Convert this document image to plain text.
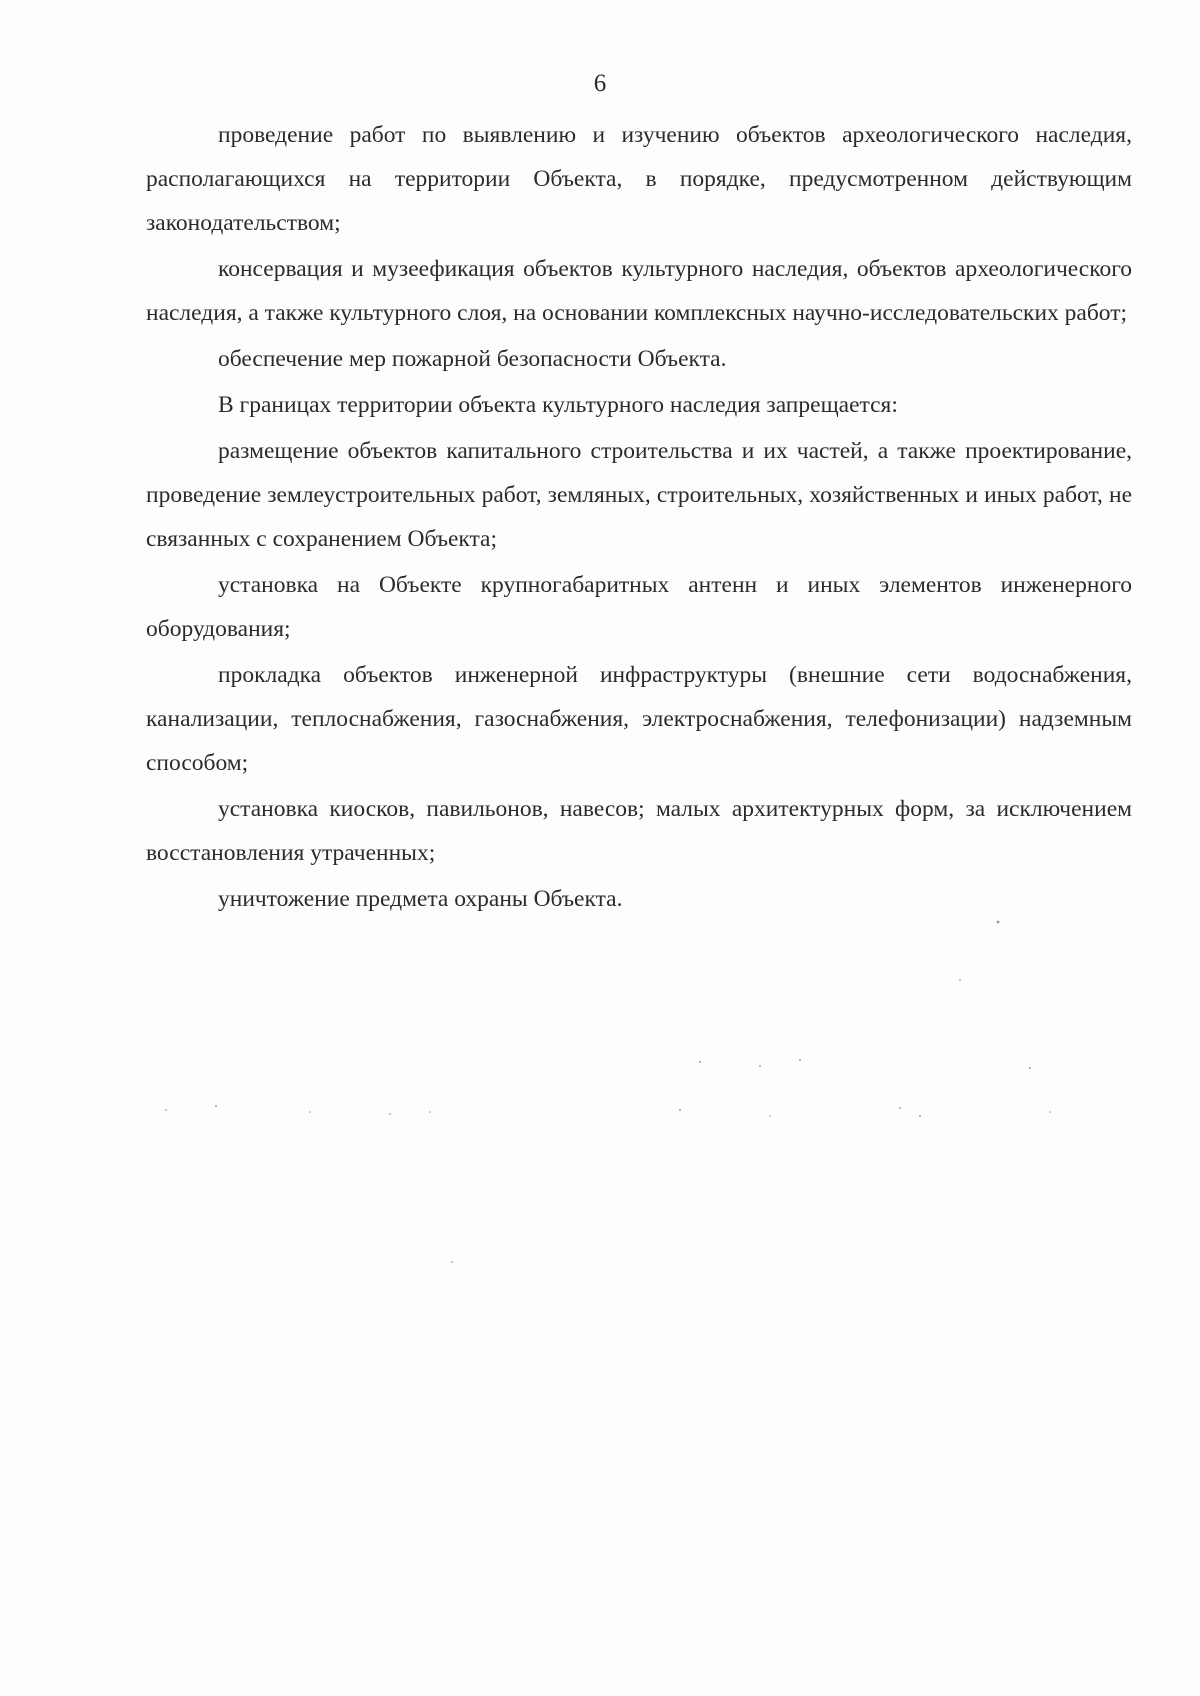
6

проведение работ по выявлению и изучению объектов археологического наследия, располагающихся на территории Объекта, в порядке, предусмотренном действующим законодательством;

консервация и музеефикация объектов культурного наследия, объектов археологического наследия, а также культурного слоя, на основании комплексных научно-исследовательских работ;

обеспечение мер пожарной безопасности Объекта.

В границах территории объекта культурного наследия запрещается:

размещение объектов капитального строительства и их частей, а также проектирование, проведение землеустроительных работ, земляных, строительных, хозяйственных и иных работ, не связанных с сохранением Объекта;

установка на Объекте крупногабаритных антенн и иных элементов инженерного оборудования;

прокладка объектов инженерной инфраструктуры (внешние сети водоснабжения, канализации, теплоснабжения, газоснабжения, электроснабжения, телефонизации) надземным способом;

установка киосков, павильонов, навесов; малых архитектурных форм, за исключением восстановления утраченных;

уничтожение предмета охраны Объекта.
